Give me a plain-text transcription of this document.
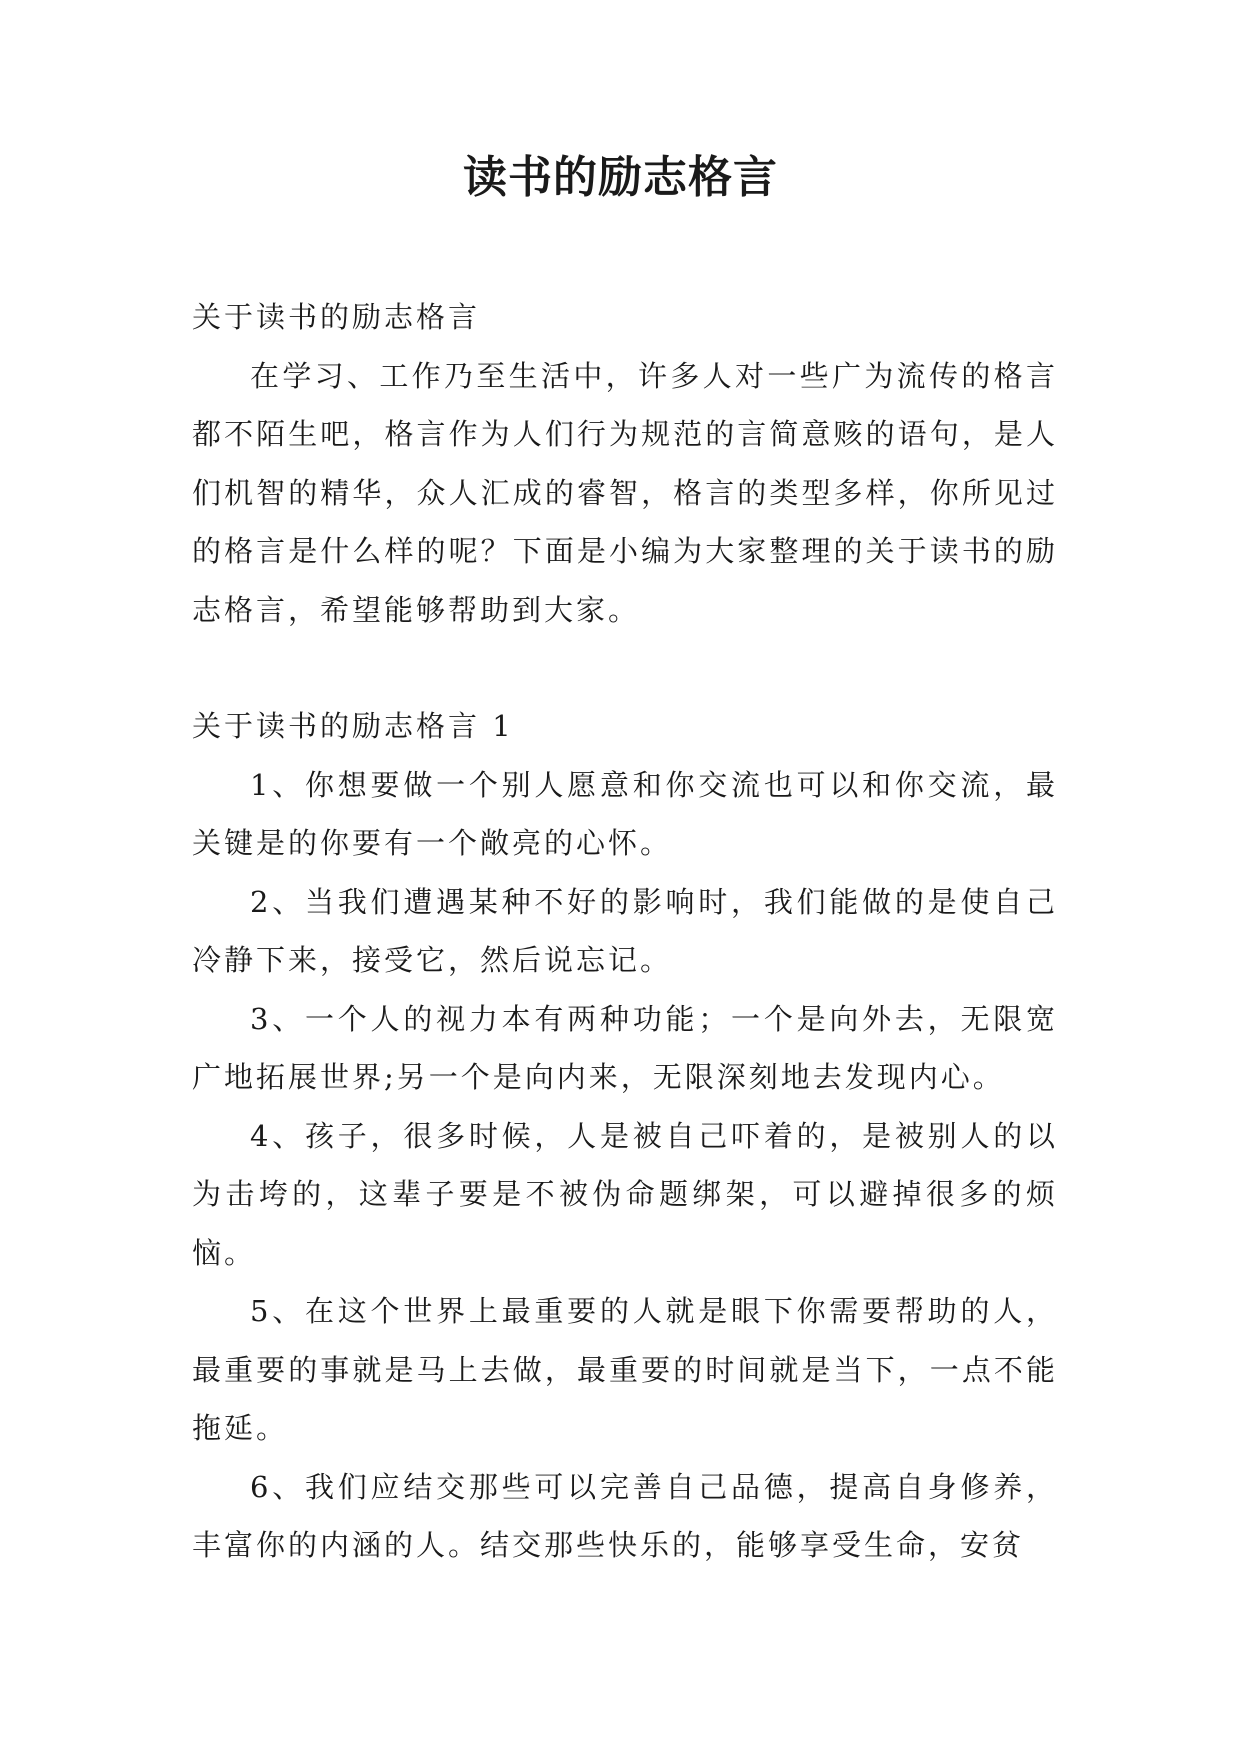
读书的励志格言

关于读书的励志格言

在学习、工作乃至生活中，许多人对一些广为流传的格言都不陌生吧，格言作为人们行为规范的言简意赅的语句，是人们机智的精华，众人汇成的睿智，格言的类型多样，你所见过的格言是什么样的呢？下面是小编为大家整理的关于读书的励志格言，希望能够帮助到大家。

关于读书的励志格言 1

1、你想要做一个别人愿意和你交流也可以和你交流，最关键是的你要有一个敞亮的心怀。

2、当我们遭遇某种不好的影响时，我们能做的是使自己冷静下来，接受它，然后说忘记。

3、一个人的视力本有两种功能；一个是向外去，无限宽广地拓展世界;另一个是向内来，无限深刻地去发现内心。

4、孩子，很多时候，人是被自己吓着的，是被别人的以为击垮的，这辈子要是不被伪命题绑架，可以避掉很多的烦恼。

5、在这个世界上最重要的人就是眼下你需要帮助的人，最重要的事就是马上去做，最重要的时间就是当下，一点不能拖延。

6、我们应结交那些可以完善自己品德，提高自身修养，丰富你的内涵的人。结交那些快乐的，能够享受生命，安贫
